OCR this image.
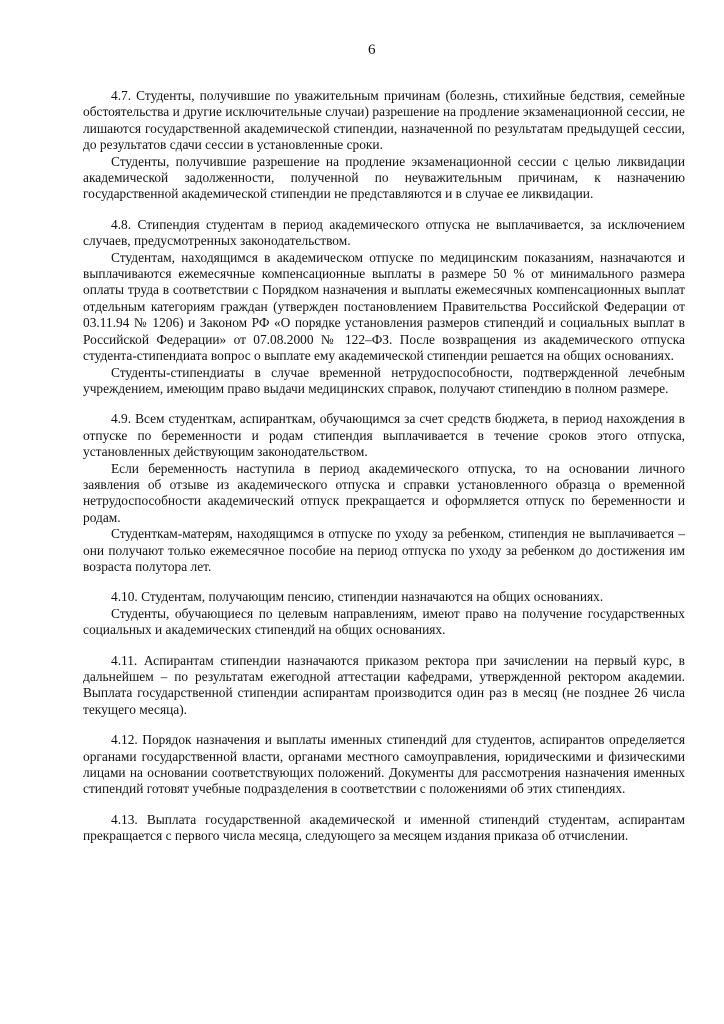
6

4.7. Студенты, получившие по уважительным причинам (болезнь, стихийные бедствия, семейные обстоятельства и другие исключительные случаи) разрешение на продление экзаменационной сессии, не лишаются государственной академической стипендии, назначенной по результатам предыдущей сессии, до результатов сдачи сессии в установленные сроки.

Студенты, получившие разрешение на продление экзаменационной сессии с целью ликвидации академической задолженности, полученной по неуважительным причинам, к назначению государственной академической стипендии не представляются и в случае ее ликвидации.

4.8. Стипендия студентам в период академического отпуска не выплачивается, за исключением случаев, предусмотренных законодательством.

Студентам, находящимся в академическом отпуске по медицинским показаниям, назначаются и выплачиваются ежемесячные компенсационные выплаты в размере 50 % от минимального размера оплаты труда в соответствии с Порядком назначения и выплаты ежемесячных компенсационных выплат отдельным категориям граждан (утвержден постановлением Правительства Российской Федерации от 03.11.94 № 1206) и Законом РФ «О порядке установления размеров стипендий и социальных выплат в Российской Федерации» от 07.08.2000 № 122–ФЗ. После возвращения из академического отпуска студента-стипендиата вопрос о выплате ему академической стипендии решается на общих основаниях.

Студенты-стипендиаты в случае временной нетрудоспособности, подтвержденной лечебным учреждением, имеющим право выдачи медицинских справок, получают стипендию в полном размере.

4.9. Всем студенткам, аспиранткам, обучающимся за счет средств бюджета, в период нахождения в отпуске по беременности и родам стипендия выплачивается в течение сроков этого отпуска, установленных действующим законодательством.

Если беременность наступила в период академического отпуска, то на основании личного заявления об отзыве из академического отпуска и справки установленного образца о временной нетрудоспособности академический отпуск прекращается и оформляется отпуск по беременности и родам.

Студенткам-матерям, находящимся в отпуске по уходу за ребенком, стипендия не выплачивается – они получают только ежемесячное пособие на период отпуска по уходу за ребенком до достижения им возраста полутора лет.

4.10. Студентам, получающим пенсию, стипендии назначаются на общих основаниях.

Студенты, обучающиеся по целевым направлениям, имеют право на получение государственных социальных и академических стипендий на общих основаниях.

4.11. Аспирантам стипендии назначаются приказом ректора при зачислении на первый курс, в дальнейшем – по результатам ежегодной аттестации кафедрами, утвержденной ректором академии. Выплата государственной стипендии аспирантам производится один раз в месяц (не позднее 26 числа текущего месяца).

4.12. Порядок назначения и выплаты именных стипендий для студентов, аспирантов определяется органами государственной власти, органами местного самоуправления, юридическими и физическими лицами на основании соответствующих положений. Документы для рассмотрения назначения именных стипендий готовят учебные подразделения в соответствии с положениями об этих стипендиях.

4.13. Выплата государственной академической и именной стипендий студентам, аспирантам прекращается с первого числа месяца, следующего за месяцем издания приказа об отчислении.
